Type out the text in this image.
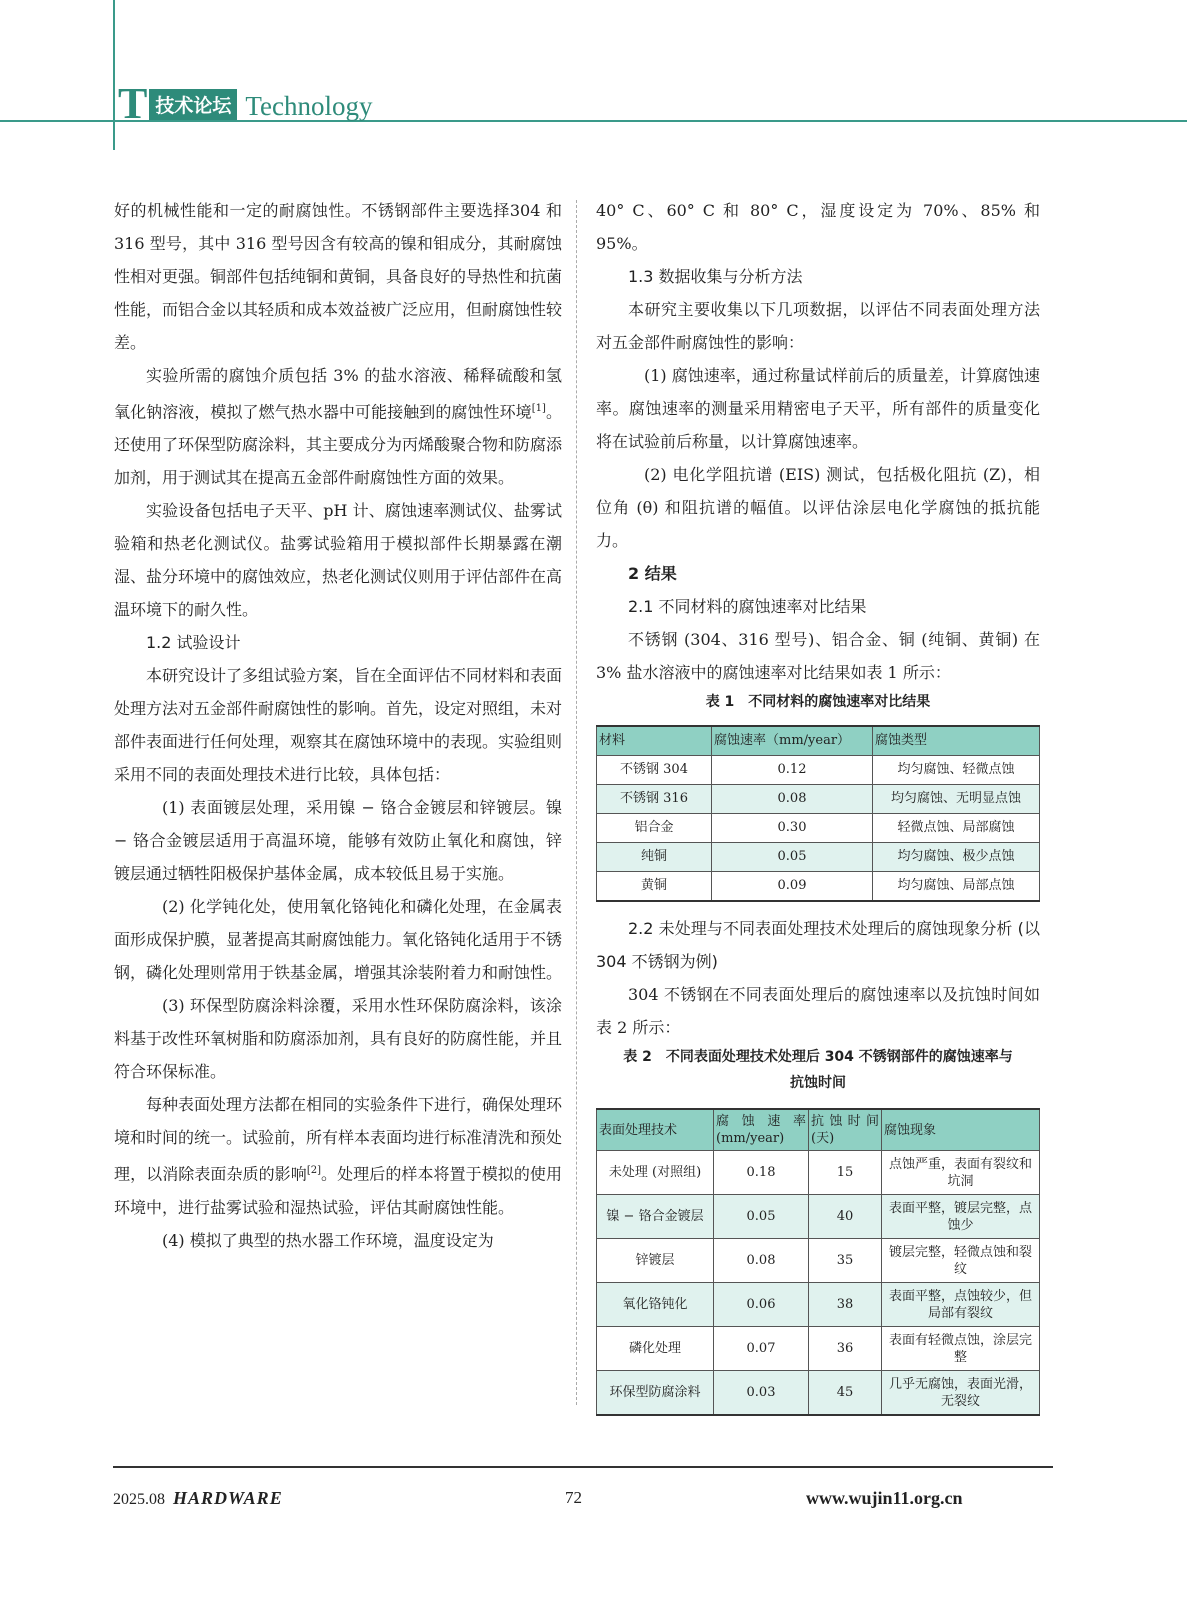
T 技术论坛 Technology

好的机械性能和一定的耐腐蚀性。不锈钢部件主要选择304 和 316 型号，其中 316 型号因含有较高的镍和钼成分，其耐腐蚀性相对更强。铜部件包括纯铜和黄铜，具备良好的导热性和抗菌性能，而铝合金以其轻质和成本效益被广泛应用，但耐腐蚀性较差。

实验所需的腐蚀介质包括 3% 的盐水溶液、稀释硫酸和氢氧化钠溶液，模拟了燃气热水器中可能接触到的腐蚀性环境[1]。还使用了环保型防腐涂料，其主要成分为丙烯酸聚合物和防腐添加剂，用于测试其在提高五金部件耐腐蚀性方面的效果。

实验设备包括电子天平、pH 计、腐蚀速率测试仪、盐雾试验箱和热老化测试仪。盐雾试验箱用于模拟部件长期暴露在潮湿、盐分环境中的腐蚀效应，热老化测试仪则用于评估部件在高温环境下的耐久性。

1.2 试验设计

本研究设计了多组试验方案，旨在全面评估不同材料和表面处理方法对五金部件耐腐蚀性的影响。首先，设定对照组，未对部件表面进行任何处理，观察其在腐蚀环境中的表现。实验组则采用不同的表面处理技术进行比较，具体包括：

(1) 表面镀层处理，采用镍 − 铬合金镀层和锌镀层。镍 − 铬合金镀层适用于高温环境，能够有效防止氧化和腐蚀，锌镀层通过牺牲阳极保护基体金属，成本较低且易于实施。

(2) 化学钝化处，使用氧化铬钝化和磷化处理，在金属表面形成保护膜，显著提高其耐腐蚀能力。氧化铬钝化适用于不锈钢，磷化处理则常用于铁基金属，增强其涂装附着力和耐蚀性。

(3) 环保型防腐涂料涂覆，采用水性环保防腐涂料，该涂料基于改性环氧树脂和防腐添加剂，具有良好的防腐性能，并且符合环保标准。

每种表面处理方法都在相同的实验条件下进行，确保处理环境和时间的统一。试验前，所有样本表面均进行标准清洗和预处理，以消除表面杂质的影响[2]。处理后的样本将置于模拟的使用环境中，进行盐雾试验和湿热试验，评估其耐腐蚀性能。

(4) 模拟了典型的热水器工作环境，温度设定为

40° C、60° C 和 80° C，湿度设定为 70%、85% 和 95%。

1.3 数据收集与分析方法

本研究主要收集以下几项数据，以评估不同表面处理方法对五金部件耐腐蚀性的影响：

(1) 腐蚀速率，通过称量试样前后的质量差，计算腐蚀速率。腐蚀速率的测量采用精密电子天平，所有部件的质量变化将在试验前后称量，以计算腐蚀速率。

(2) 电化学阻抗谱 (EIS) 测试，包括极化阻抗 (Z)，相位角 (θ) 和阻抗谱的幅值。以评估涂层电化学腐蚀的抵抗能力。

2 结果

2.1 不同材料的腐蚀速率对比结果

不锈钢 (304、316 型号)、铝合金、铜 (纯铜、黄铜) 在 3% 盐水溶液中的腐蚀速率对比结果如表 1 所示：

表 1　不同材料的腐蚀速率对比结果
材料	腐蚀速率（mm/year）	腐蚀类型
不锈钢 304	0.12	均匀腐蚀、轻微点蚀
不锈钢 316	0.08	均匀腐蚀、无明显点蚀
铝合金	0.30	轻微点蚀、局部腐蚀
纯铜	0.05	均匀腐蚀、极少点蚀
黄铜	0.09	均匀腐蚀、局部点蚀

2.2 未处理与不同表面处理技术处理后的腐蚀现象分析 (以 304 不锈钢为例)

304 不锈钢在不同表面处理后的腐蚀速率以及抗蚀时间如表 2 所示：

表 2　不同表面处理技术处理后 304 不锈钢部件的腐蚀速率与
抗蚀时间
表面处理技术	腐蚀速率 (mm/year)	抗蚀时间 (天)	腐蚀现象
未处理 (对照组)	0.18	15	点蚀严重，表面有裂纹和坑洞
镍 − 铬合金镀层	0.05	40	表面平整，镀层完整，点蚀少
锌镀层	0.08	35	镀层完整，轻微点蚀和裂纹
氧化铬钝化	0.06	38	表面平整，点蚀较少，但局部有裂纹
磷化处理	0.07	36	表面有轻微点蚀，涂层完整
环保型防腐涂料	0.03	45	几乎无腐蚀，表面光滑，无裂纹
2025.08 HARDWARE	72	www.wujin11.org.cn
